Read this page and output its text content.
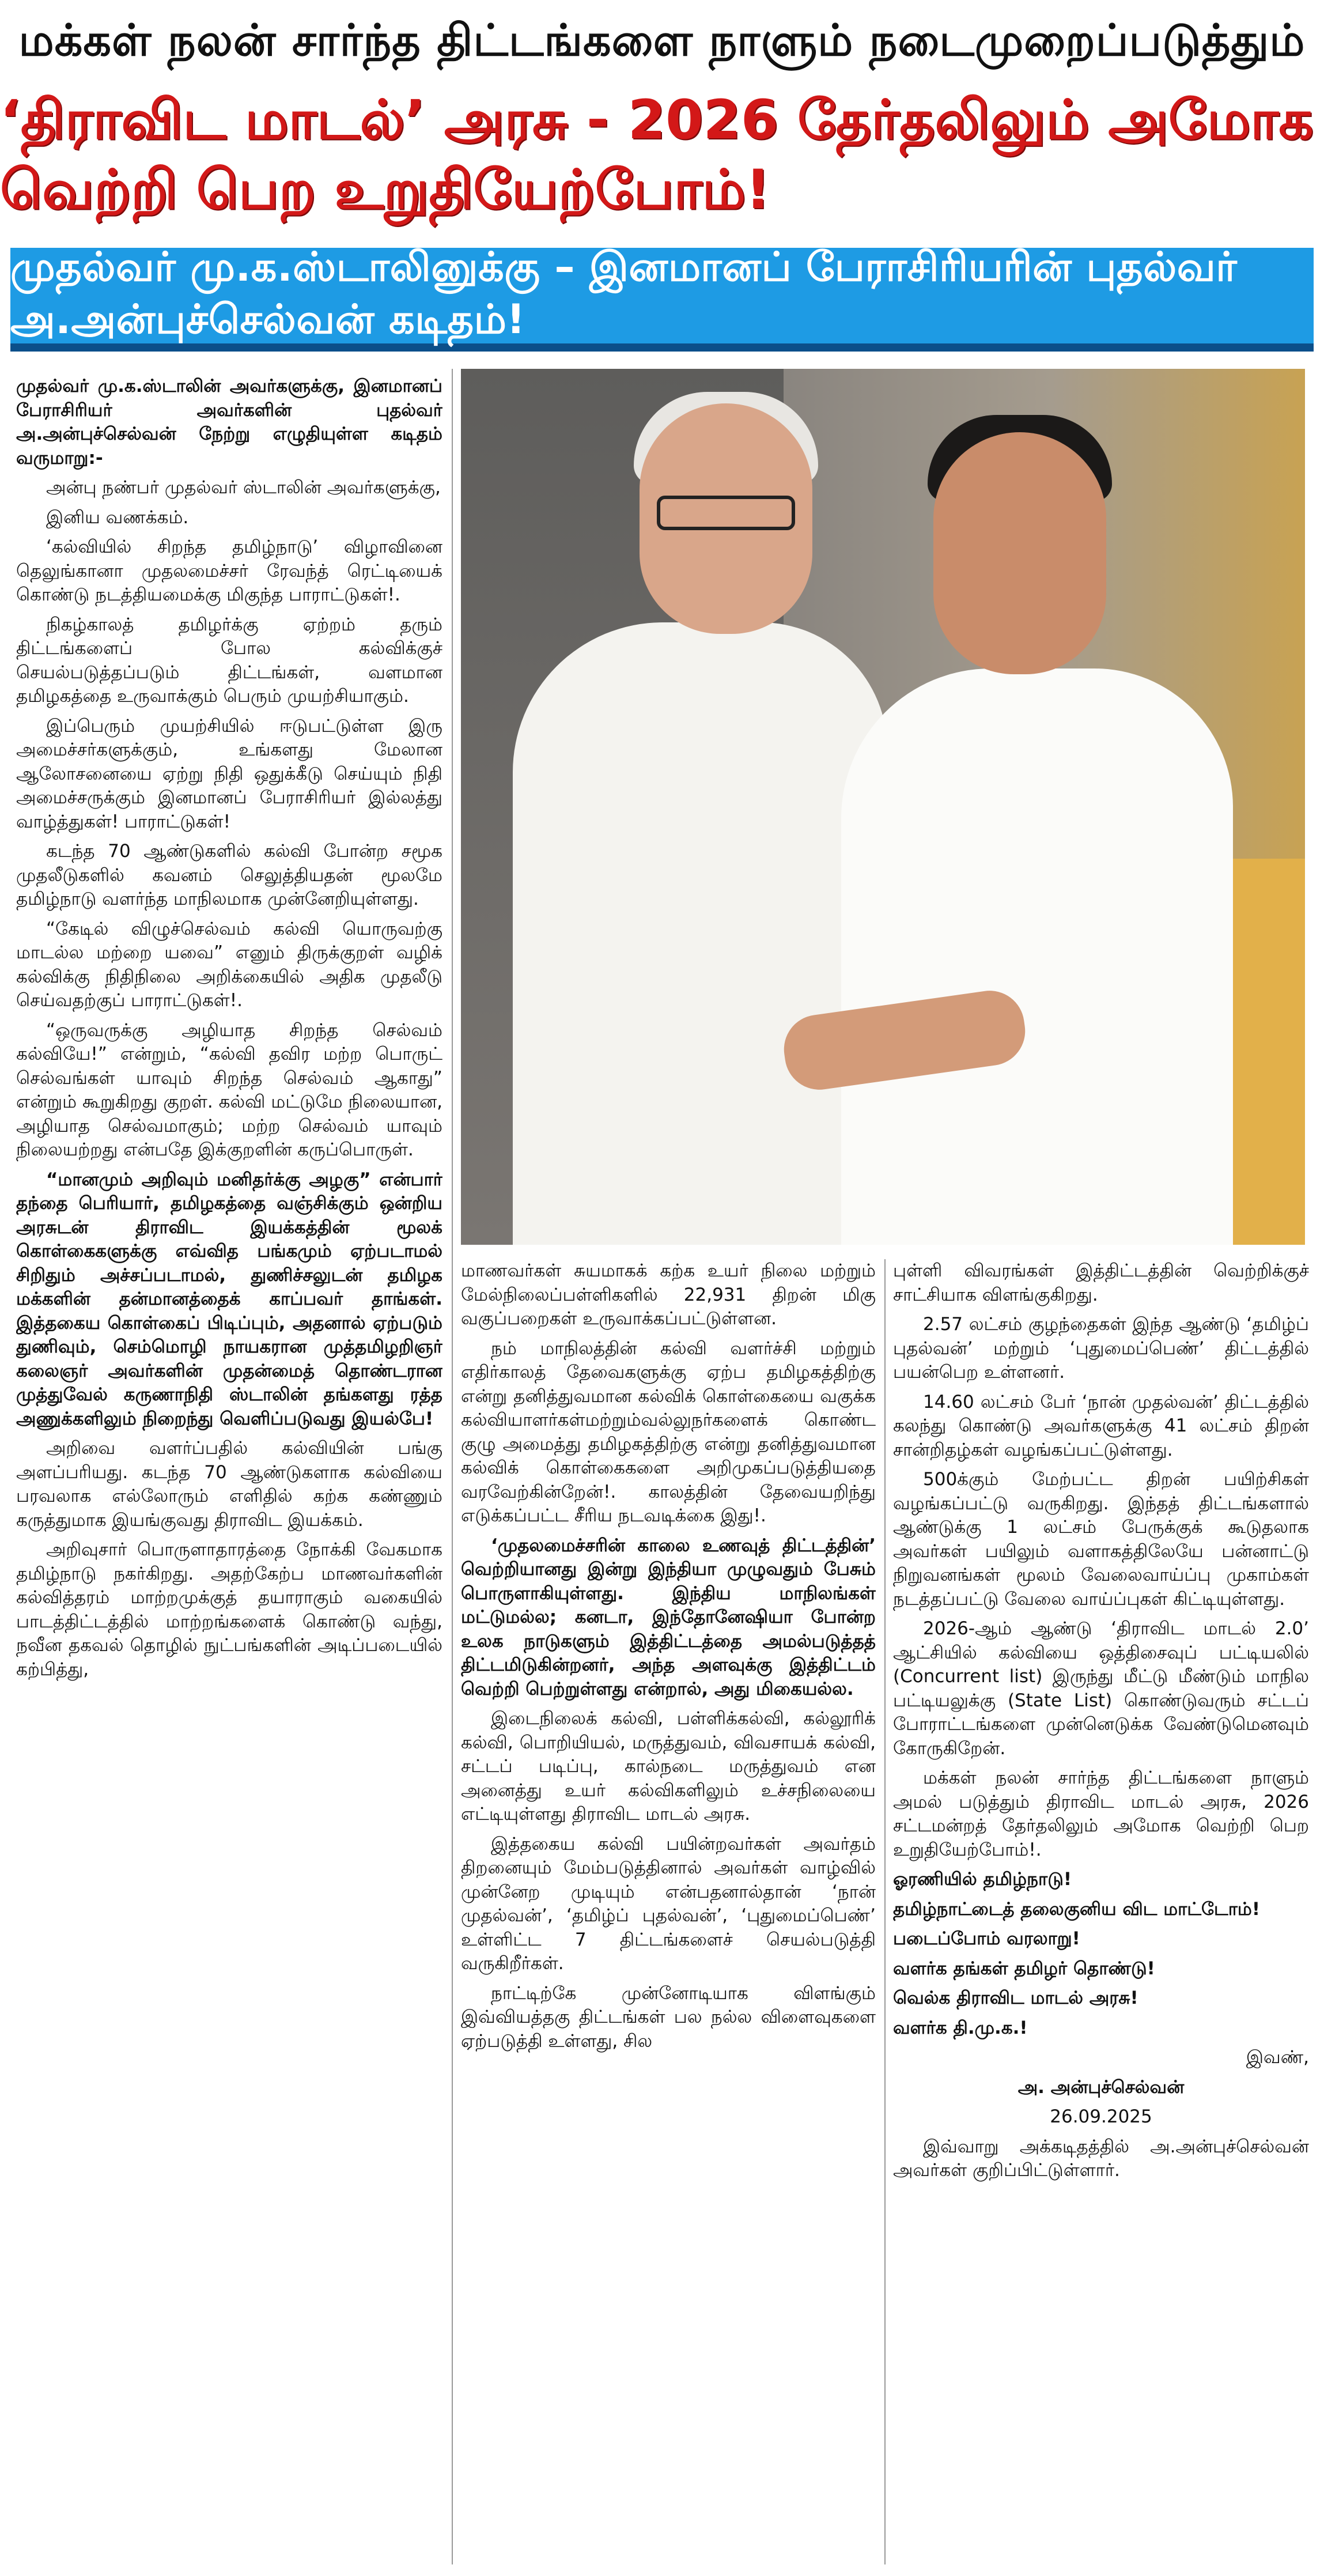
மக்கள் நலன் சார்ந்த திட்டங்களை நாளும் நடைமுறைப்படுத்தும்
‘திராவிட மாடல்’ அரசு - 2026 தேர்தலிலும் அமோக வெற்றி பெற உறுதியேற்போம்!
முதல்வர் மு.க.ஸ்டாலினுக்கு – இனமானப் பேராசிரியரின் புதல்வர் அ.அன்புச்செல்வன் கடிதம்!

முதல்வர் மு.க.ஸ்டாலின் அவர்களுக்கு, இனமானப் பேராசிரியர் அவர்களின் புதல்வர் அ.அன்புச்செல்வன் நேற்று எழுதியுள்ள கடிதம் வருமாறு:-

அன்பு நண்பர் முதல்வர் ஸ்டாலின் அவர்களுக்கு,

இனிய வணக்கம்.

‘கல்வியில் சிறந்த தமிழ்நாடு’ விழாவினை தெலுங்கானா முதலமைச்சர் ரேவந்த் ரெட்டியைக் கொண்டு நடத்தியமைக்கு மிகுந்த பாராட்டுகள்!.

நிகழ்காலத் தமிழர்க்கு ஏற்றம் தரும் திட்டங்களைப் போல கல்விக்குச் செயல்படுத்தப்படும் திட்டங்கள், வளமான தமிழகத்தை உருவாக்கும் பெரும் முயற்சியாகும்.

இப்பெரும் முயற்சியில் ஈடுபட்டுள்ள இரு அமைச்சர்களுக்கும், உங்களது மேலான ஆலோசனையை ஏற்று நிதி ஒதுக்கீடு செய்யும் நிதி அமைச்சருக்கும் இனமானப் பேராசிரியர் இல்லத்து வாழ்த்துகள்! பாராட்டுகள்!

கடந்த 70 ஆண்டுகளில் கல்வி போன்ற சமூக முதலீடுகளில் கவனம் செலுத்தியதன் மூலமே தமிழ்நாடு வளர்ந்த மாநிலமாக முன்னேறியுள்ளது.

“கேடில் விழுச்செல்வம் கல்வி யொருவற்கு மாடல்ல மற்றை யவை” எனும் திருக்குறள் வழிக் கல்விக்கு நிதிநிலை அறிக்கையில் அதிக முதலீடு செய்வதற்குப் பாராட்டுகள்!.

“ஒருவருக்கு அழியாத சிறந்த செல்வம் கல்வியே!” என்றும், “கல்வி தவிர மற்ற பொருட் செல்வங்கள் யாவும் சிறந்த செல்வம் ஆகாது” என்றும் கூறுகிறது குறள். கல்வி மட்டுமே நிலையான, அழியாத செல்வமாகும்; மற்ற செல்வம் யாவும் நிலையற்றது என்பதே இக்குறளின் கருப்பொருள்.

“மானமும் அறிவும் மனிதர்க்கு அழகு” என்பார் தந்தை பெரியார், தமிழகத்தை வஞ்சிக்கும் ஒன்றிய அரசுடன் திராவிட இயக்கத்தின் மூலக் கொள்கைகளுக்கு எவ்வித பங்கமும் ஏற்படாமல் சிறிதும் அச்சப்படாமல், துணிச்சலுடன் தமிழக மக்களின் தன்மானத்தைக் காப்பவர் தாங்கள். இத்தகைய கொள்கைப் பிடிப்பும், அதனால் ஏற்படும் துணிவும், செம்மொழி நாயகரான முத்தமிழறிஞர் கலைஞர் அவர்களின் முதன்மைத் தொண்டரான முத்துவேல் கருணாநிதி ஸ்டாலின் தங்களது ரத்த அணுக்களிலும் நிறைந்து வெளிப்படுவது இயல்பே!

அறிவை வளர்ப்பதில் கல்வியின் பங்கு அளப்பரியது. கடந்த 70 ஆண்டுகளாக கல்வியை பரவலாக எல்லோரும் எளிதில் கற்க கண்ணும் கருத்துமாக இயங்குவது திராவிட இயக்கம்.

அறிவுசார் பொருளாதாரத்தை நோக்கி வேகமாக தமிழ்நாடு நகர்கிறது. அதற்கேற்ப மாணவர்களின் கல்வித்தரம் மாற்றமுக்குத் தயாராகும் வகையில் பாடத்திட்டத்தில் மாற்றங்களைக் கொண்டு வந்து, நவீன தகவல் தொழில் நுட்பங்களின் அடிப்படையில் கற்பித்து,

மாணவர்கள் சுயமாகக் கற்க உயர் நிலை மற்றும் மேல்நிலைப்பள்ளிகளில் 22,931 திறன் மிகு வகுப்பறைகள் உருவாக்கப்பட்டுள்ளன.

நம் மாநிலத்தின் கல்வி வளர்ச்சி மற்றும் எதிர்காலத் தேவைகளுக்கு ஏற்ப தமிழகத்திற்கு என்று தனித்துவமான கல்விக் கொள்கையை வகுக்க கல்வியாளர்கள்மற்றும்வல்லுநர்களைக் கொண்ட குழு அமைத்து தமிழகத்திற்கு என்று தனித்துவமான கல்விக் கொள்கைகளை அறிமுகப்படுத்தியதை வரவேற்கின்றேன்!. காலத்தின் தேவையறிந்து எடுக்கப்பட்ட சீரிய நடவடிக்கை இது!.

‘முதலமைச்சரின் காலை உணவுத் திட்டத்தின்’ வெற்றியானது இன்று இந்தியா முழுவதும் பேசும் பொருளாகியுள்ளது. இந்திய மாநிலங்கள் மட்டுமல்ல; கனடா, இந்தோனேஷியா போன்ற உலக நாடுகளும் இத்திட்டத்தை அமல்படுத்தத் திட்டமிடுகின்றனர், அந்த அளவுக்கு இத்திட்டம் வெற்றி பெற்றுள்ளது என்றால், அது மிகையல்ல.

இடைநிலைக் கல்வி, பள்ளிக்கல்வி, கல்லூரிக் கல்வி, பொறியியல், மருத்துவம், விவசாயக் கல்வி, சட்டப் படிப்பு, கால்நடை மருத்துவம் என அனைத்து உயர் கல்விகளிலும் உச்சநிலையை எட்டியுள்ளது திராவிட மாடல் அரசு.

இத்தகைய கல்வி பயின்றவர்கள் அவர்தம் திறனையும் மேம்படுத்தினால் அவர்கள் வாழ்வில் முன்னேற முடியும் என்பதனால்தான் ‘நான் முதல்வன்’, ‘தமிழ்ப் புதல்வன்’, ‘புதுமைப்பெண்’ உள்ளிட்ட 7 திட்டங்களைச் செயல்படுத்தி வருகிறீர்கள்.

நாட்டிற்கே முன்னோடியாக விளங்கும் இவ்வியத்தகு திட்டங்கள் பல நல்ல விளைவுகளை ஏற்படுத்தி உள்ளது, சில

புள்ளி விவரங்கள் இத்திட்டத்தின் வெற்றிக்குச் சாட்சியாக விளங்குகிறது.

2.57 லட்சம் குழந்தைகள் இந்த ஆண்டு ‘தமிழ்ப் புதல்வன்’ மற்றும் ‘புதுமைப்பெண்’ திட்டத்தில் பயன்பெற உள்ளனர்.

14.60 லட்சம் பேர் ‘நான் முதல்வன்’ திட்டத்தில் கலந்து கொண்டு அவர்களுக்கு 41 லட்சம் திறன் சான்றிதழ்கள் வழங்கப்பட்டுள்ளது.

500க்கும் மேற்பட்ட திறன் பயிற்சிகள் வழங்கப்பட்டு வருகிறது. இந்தத் திட்டங்களால் ஆண்டுக்கு 1 லட்சம் பேருக்குக் கூடுதலாக அவர்கள் பயிலும் வளாகத்திலேயே பன்னாட்டு நிறுவனங்கள் மூலம் வேலைவாய்ப்பு முகாம்கள் நடத்தப்பட்டு வேலை வாய்ப்புகள் கிட்டியுள்ளது.

2026-ஆம் ஆண்டு ‘திராவிட மாடல் 2.0’ ஆட்சியில் கல்வியை ஒத்திசைவுப் பட்டியலில் (Concurrent list) இருந்து மீட்டு மீண்டும் மாநில பட்டியலுக்கு (State List) கொண்டுவரும் சட்டப் போராட்டங்களை முன்னெடுக்க வேண்டுமெனவும் கோருகிறேன்.

மக்கள் நலன் சார்ந்த திட்டங்களை நாளும் அமல் படுத்தும் திராவிட மாடல் அரசு, 2026 சட்டமன்றத் தேர்தலிலும் அமோக வெற்றி பெற உறுதியேற்போம்!.

ஓரணியில் தமிழ்நாடு!

தமிழ்நாட்டைத் தலைகுனிய விட மாட்டோம்!

படைப்போம் வரலாறு!

வளர்க தங்கள் தமிழர் தொண்டு!

வெல்க திராவிட மாடல் அரசு!

வளர்க தி.மு.க.!

இவண்,

அ. அன்புச்செல்வன்

26.09.2025

இவ்வாறு அக்கடிதத்தில் அ.அன்புச்செல்வன் அவர்கள் குறிப்பிட்டுள்ளார்.
